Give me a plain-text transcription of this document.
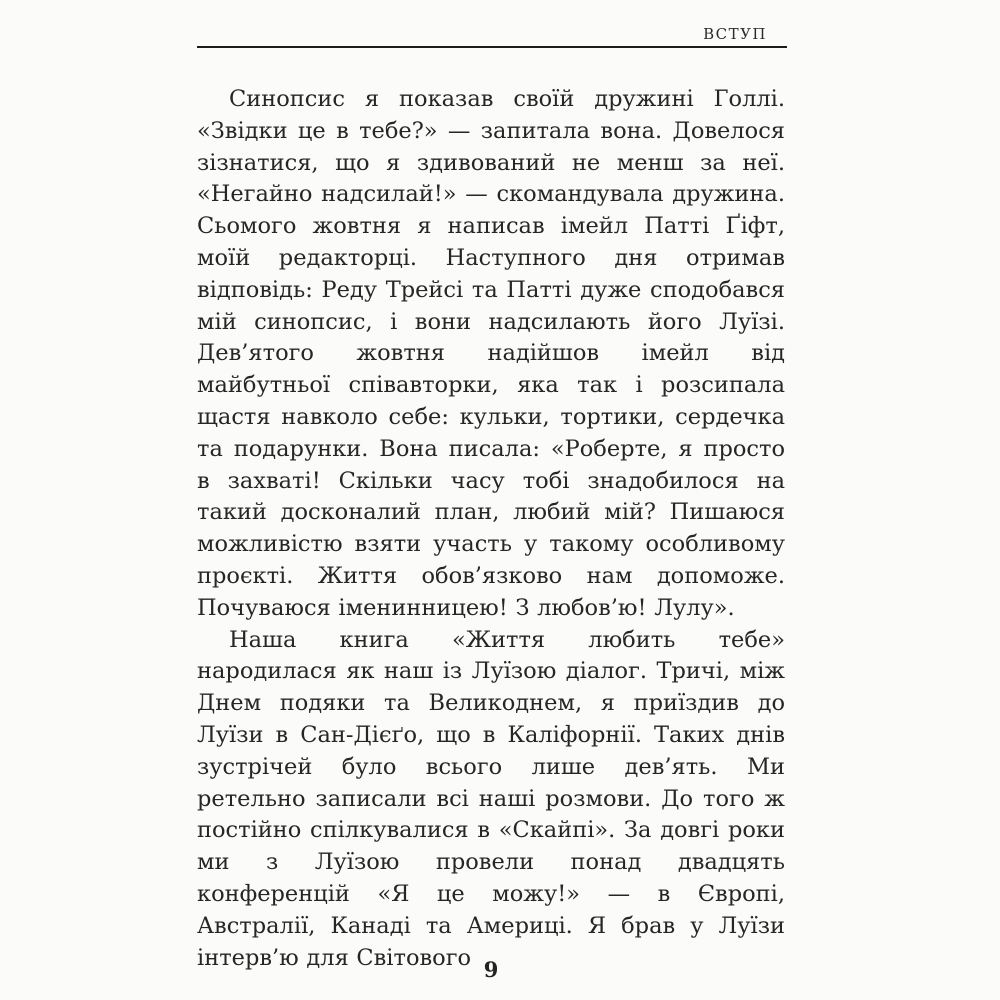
ВСТУП

Синопсис я показав своїй дружині Голлі. «Звідки це в тебе?» — запитала вона. Довелося зізнатися, що я здивований не менш за неї. «Негайно надсилай!» — скомандувала дружина. Сьомого жовтня я написав імейл Патті Ґіфт, моїй редакторці. Наступного дня отримав відповідь: Реду Трейсі та Патті дуже сподобався мій синопсис, і вони надсилають його Луїзі. Дев’ятого жовтня надійшов імейл від майбутньої співавторки, яка так і розсипала щастя навколо себе: кульки, тортики, сердечка та подарунки. Вона писала: «Роберте, я просто в захваті! Скільки часу тобі знадобилося на такий досконалий план, любий мій? Пишаюся можливістю взяти участь у такому особливому проєкті. Життя обов’язково нам допоможе. Почуваюся іменинницею! З любов’ю! Лулу».

Наша книга «Життя любить тебе» народилася як наш із Луїзою діалог. Тричі, між Днем подяки та Великоднем, я приїздив до Луїзи в Сан-Дієґо, що в Каліфорнії. Таких днів зустрічей було всього лише дев’ять. Ми ретельно записали всі наші розмови. До того ж постійно спілкувалися в «Скайпі». За довгі роки ми з Луїзою провели понад двадцять конференцій «Я це можу!» — в Європі, Австралії, Канаді та Америці. Я брав у Луїзи інтерв’ю для Світового 9
